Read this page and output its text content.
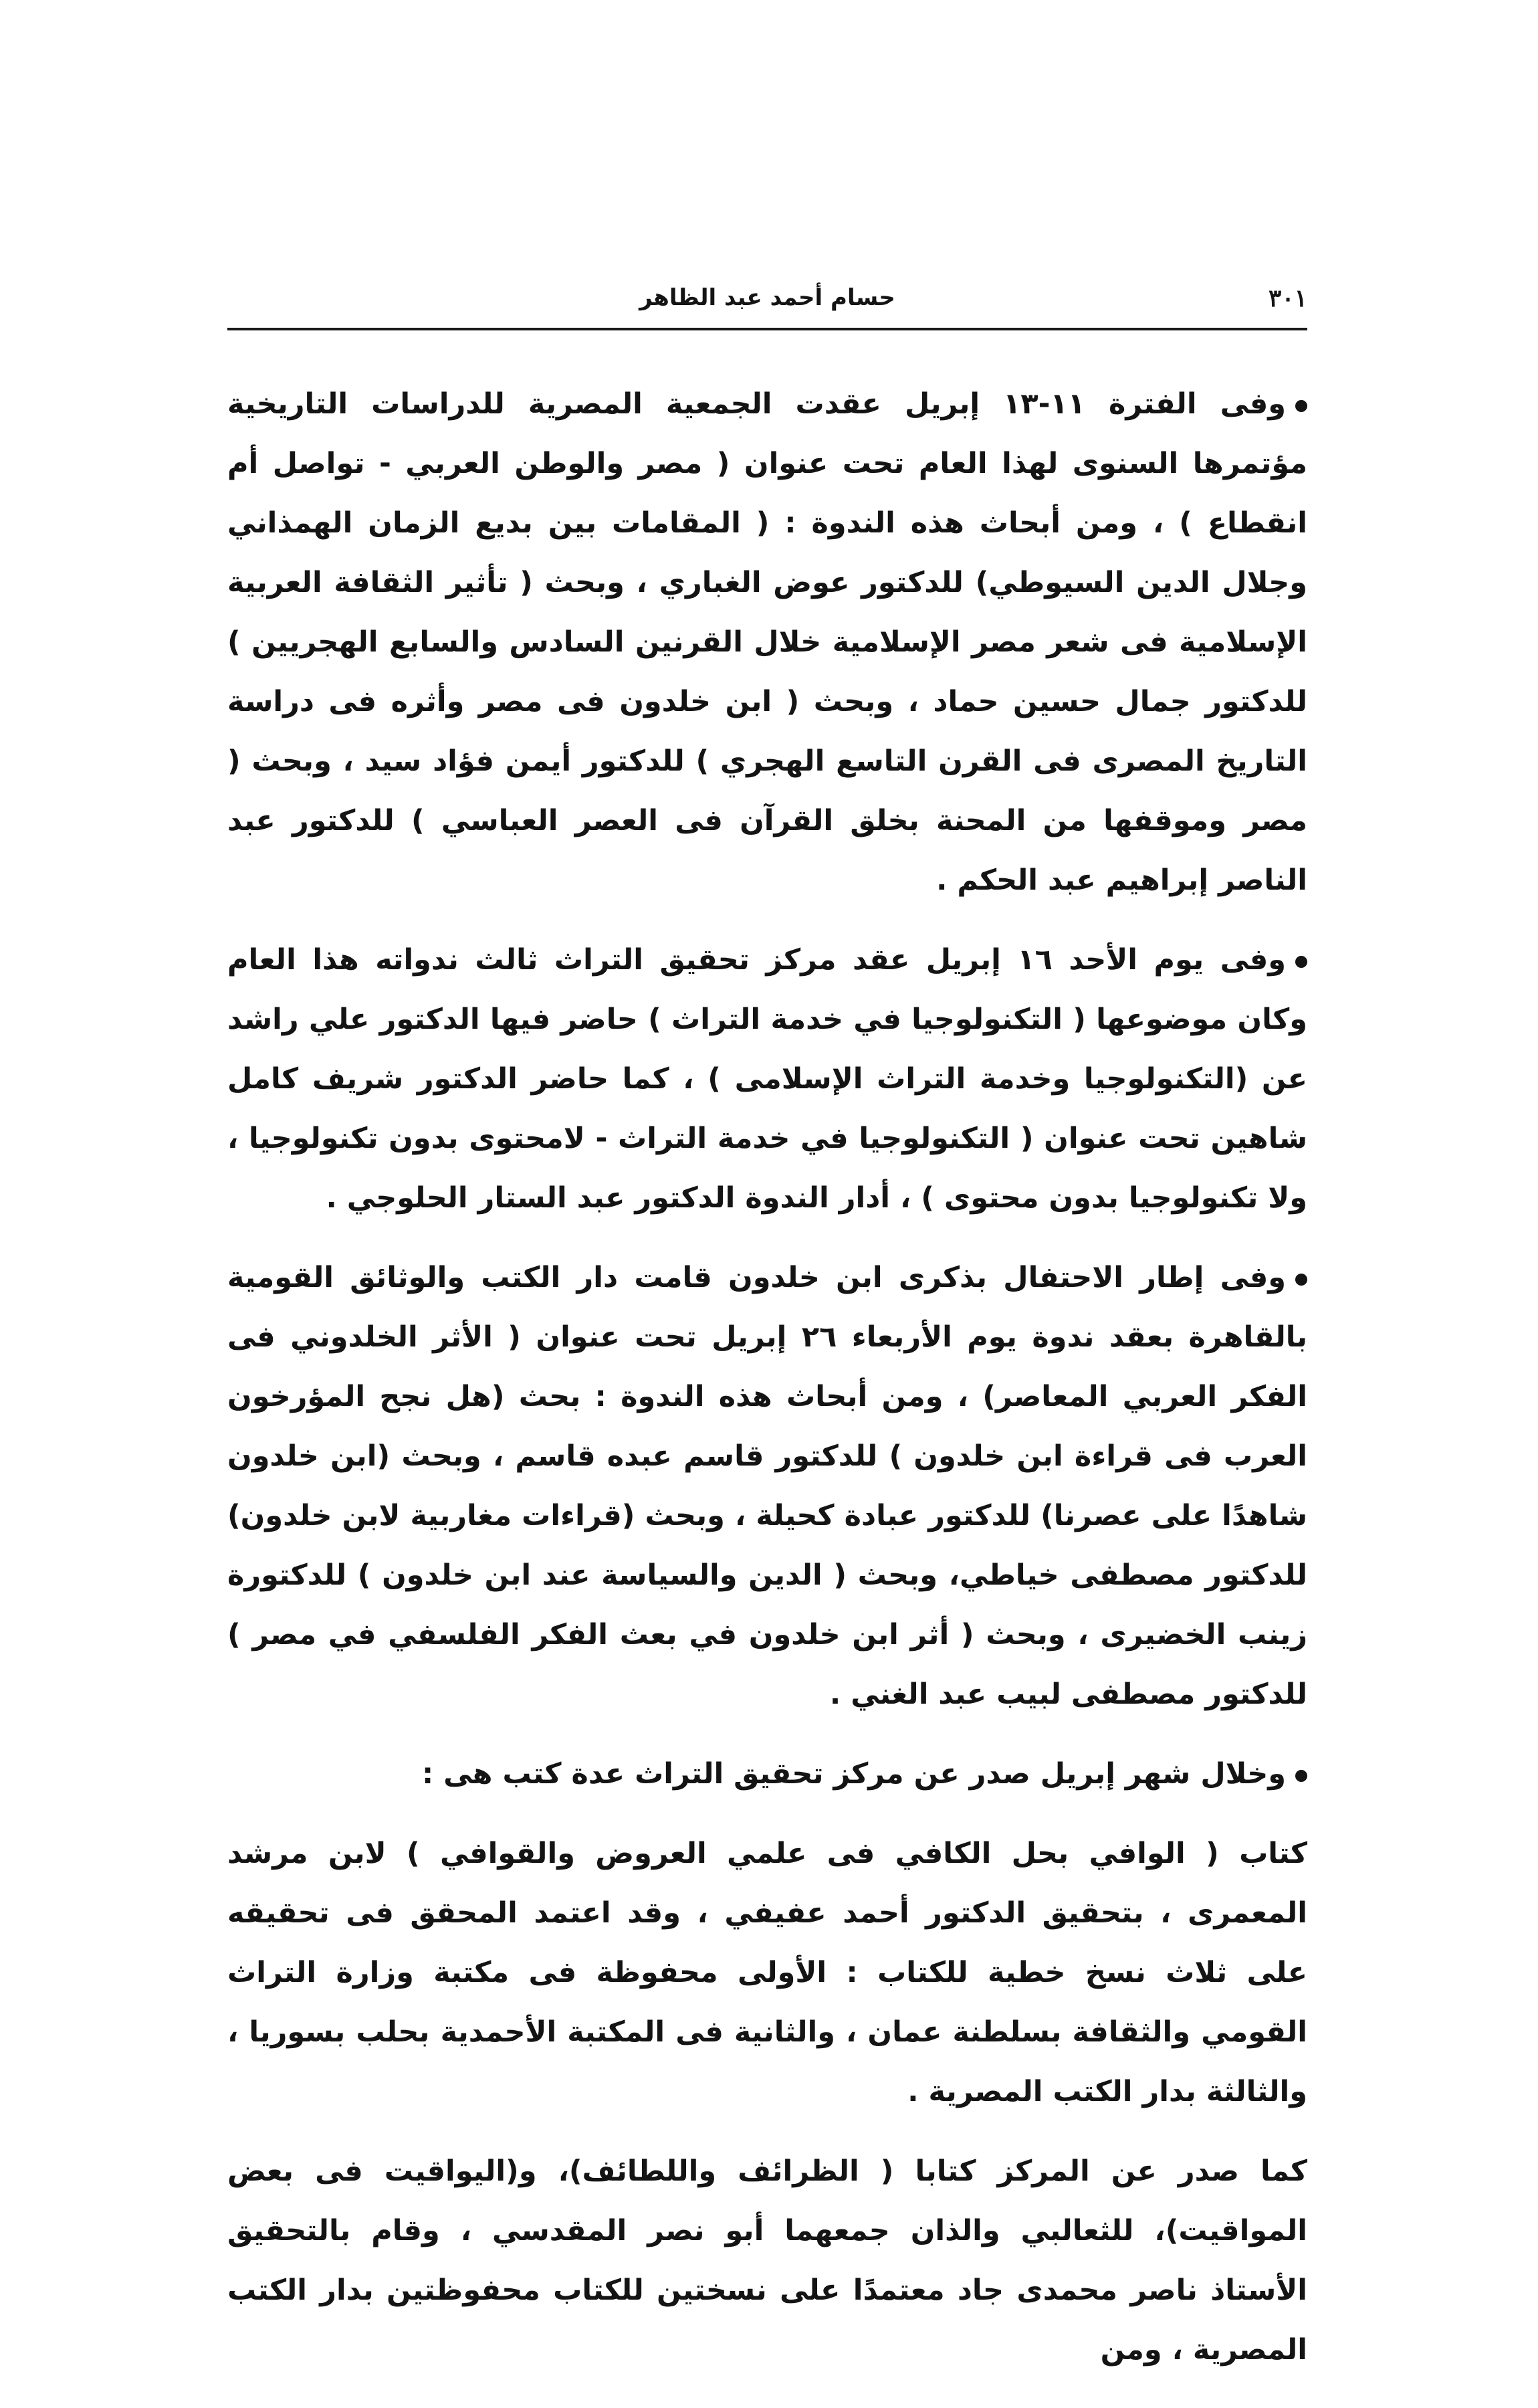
٣٠١
حسام أحمد عبد الظاهر

وفى الفترة ١١-١٣ إبريل عقدت الجمعية المصرية للدراسات التاريخية مؤتمرها السنوى لهذا العام تحت عنوان ( مصر والوطن العربي - تواصل أم انقطاع ) ، ومن أبحاث هذه الندوة : ( المقامات بين بديع الزمان الهمذاني وجلال الدين السيوطي) للدكتور عوض الغباري ، وبحث ( تأثير الثقافة العربية الإسلامية فى شعر مصر الإسلامية خلال القرنين السادس والسابع الهجريين ) للدكتور جمال حسين حماد ، وبحث ( ابن خلدون فى مصر وأثره فى دراسة التاريخ المصرى فى القرن التاسع الهجري ) للدكتور أيمن فؤاد سيد ، وبحث ( مصر وموقفها من المحنة بخلق القرآن فى العصر العباسي ) للدكتور عبد الناصر إبراهيم عبد الحكم .

وفى يوم الأحد ١٦ إبريل عقد مركز تحقيق التراث ثالث ندواته هذا العام وكان موضوعها ( التكنولوجيا في خدمة التراث ) حاضر فيها الدكتور علي راشد عن (التكنولوجيا وخدمة التراث الإسلامى ) ، كما حاضر الدكتور شريف كامل شاهين تحت عنوان ( التكنولوجيا في خدمة التراث - لامحتوى بدون تكنولوجيا ، ولا تكنولوجيا بدون محتوى ) ، أدار الندوة الدكتور عبد الستار الحلوجي .

وفى إطار الاحتفال بذكرى ابن خلدون قامت دار الكتب والوثائق القومية بالقاهرة بعقد ندوة يوم الأربعاء ٢٦ إبريل تحت عنوان ( الأثر الخلدوني فى الفكر العربي المعاصر) ، ومن أبحاث هذه الندوة : بحث (هل نجح المؤرخون العرب فى قراءة ابن خلدون ) للدكتور قاسم عبده قاسم ، وبحث (ابن خلدون شاهدًا على عصرنا) للدكتور عبادة كحيلة ، وبحث (قراءات مغاربية لابن خلدون) للدكتور مصطفى خياطي، وبحث ( الدين والسياسة عند ابن خلدون ) للدكتورة زينب الخضيرى ، وبحث ( أثر ابن خلدون في بعث الفكر الفلسفي في مصر ) للدكتور مصطفى لبيب عبد الغني .

وخلال شهر إبريل صدر عن مركز تحقيق التراث عدة كتب هى :

كتاب ( الوافي بحل الكافي فى علمي العروض والقوافي ) لابن مرشد المعمرى ، بتحقيق الدكتور أحمد عفيفي ، وقد اعتمد المحقق فى تحقيقه على ثلاث نسخ خطية للكتاب : الأولى محفوظة فى مكتبة وزارة التراث القومي والثقافة بسلطنة عمان ، والثانية فى المكتبة الأحمدية بحلب بسوريا ، والثالثة بدار الكتب المصرية .

كما صدر عن المركز كتابا ( الظرائف واللطائف)، و(اليواقيت فى بعض المواقيت)، للثعالبي والذان جمعهما أبو نصر المقدسي ، وقام بالتحقيق الأستاذ ناصر محمدى جاد معتمدًا على نسختين للكتاب محفوظتين بدار الكتب المصرية ، ومن
